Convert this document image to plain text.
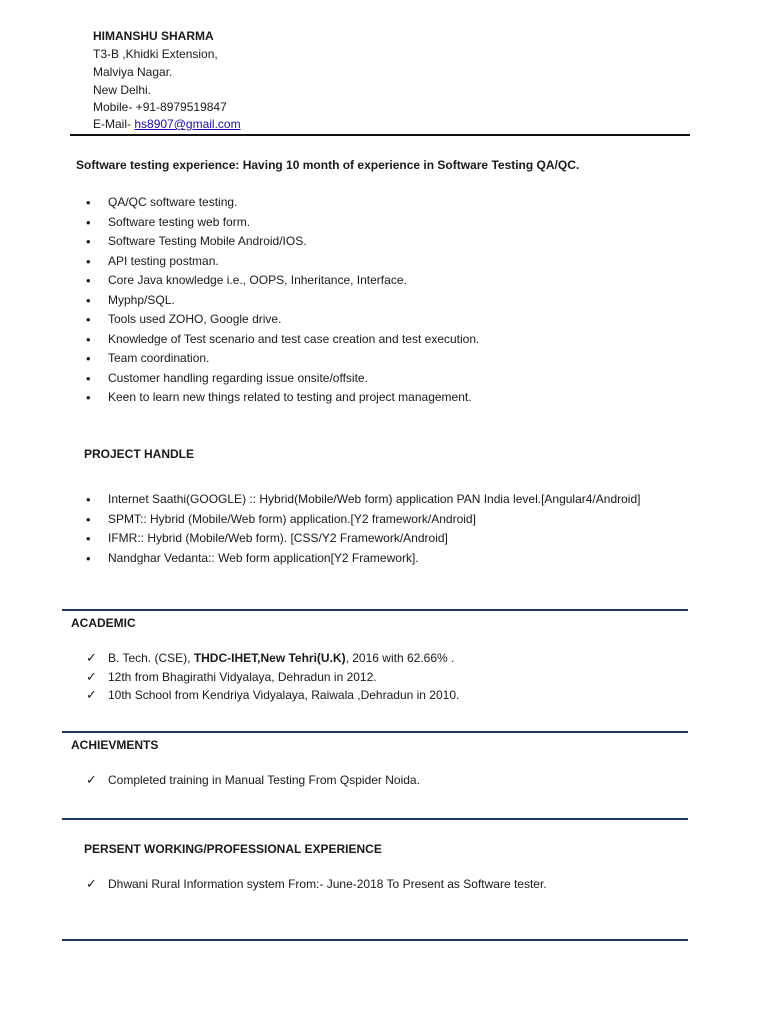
HIMANSHU SHARMA
T3-B ,Khidki Extension,
Malviya Nagar.
New Delhi.
Mobile- +91-8979519847
E-Mail- hs8907@gmail.com
Software testing experience: Having 10 month of experience in Software Testing QA/QC.
• QA/QC software testing.
• Software testing web form.
• Software Testing Mobile Android/IOS.
• API testing postman.
• Core Java knowledge i.e., OOPS, Inheritance, Interface.
• Myphp/SQL.
• Tools used ZOHO, Google drive.
• Knowledge of Test scenario and test case creation and test execution.
• Team coordination.
• Customer handling regarding issue onsite/offsite.
• Keen to learn new things related to testing and project management.
PROJECT HANDLE
• Internet Saathi(GOOGLE) :: Hybrid(Mobile/Web form) application PAN India level.[Angular4/Android]
• SPMT:: Hybrid (Mobile/Web form) application.[Y2 framework/Android]
• IFMR:: Hybrid (Mobile/Web form). [CSS/Y2 Framework/Android]
• Nandghar Vedanta:: Web form application[Y2 Framework].
ACADEMIC
✓ B. Tech. (CSE), THDC-IHET,New Tehri(U.K), 2016 with 62.66% .
✓ 12th from Bhagirathi Vidyalaya, Dehradun in 2012.
✓ 10th School from Kendriya Vidyalaya, Raiwala ,Dehradun in 2010.
ACHIEVMENTS
✓ Completed training in Manual Testing From Qspider Noida.
PERSENT WORKING/PROFESSIONAL EXPERIENCE
✓ Dhwani Rural Information system From:- June-2018 To Present as Software tester.
